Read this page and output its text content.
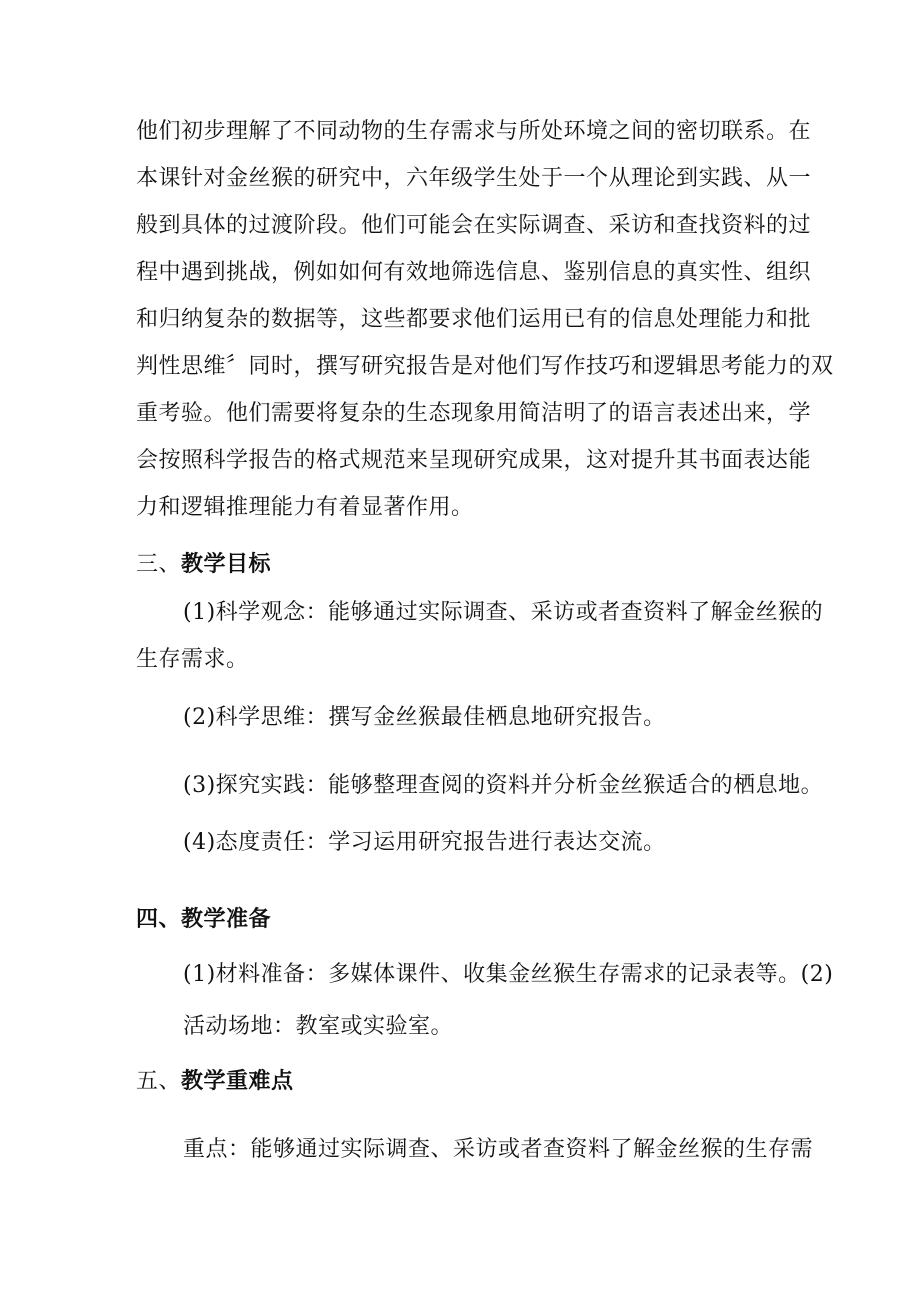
他们初步理解了不同动物的生存需求与所处环境之间的密切联系。在
本课针对金丝猴的研究中，六年级学生处于一个从理论到实践、从一
般到具体的过渡阶段。他们可能会在实际调查、采访和查找资料的过
程中遇到挑战，例如如何有效地筛选信息、鉴别信息的真实性、组织
和归纳复杂的数据等，这些都要求他们运用已有的信息处理能力和批
判性思维〞同时，撰写研究报告是对他们写作技巧和逻辑思考能力的双
重考验。他们需要将复杂的生态现象用简洁明了的语言表述出来，学
会按照科学报告的格式规范来呈现研究成果，这对提升其书面表达能
力和逻辑推理能力有着显著作用。
三、教学目标
(1)科学观念：能够通过实际调查、采访或者查资料了解金丝猴的
生存需求。
(2)科学思维：撰写金丝猴最佳栖息地研究报告。
(3)探究实践：能够整理查阅的资料并分析金丝猴适合的栖息地。
(4)态度责任：学习运用研究报告进行表达交流。
四、教学准备
(1)材料准备：多媒体课件、收集金丝猴生存需求的记录表等。(2)
活动场地：教室或实验室。
五、教学重难点
重点：能够通过实际调查、采访或者查资料了解金丝猴的生存需
